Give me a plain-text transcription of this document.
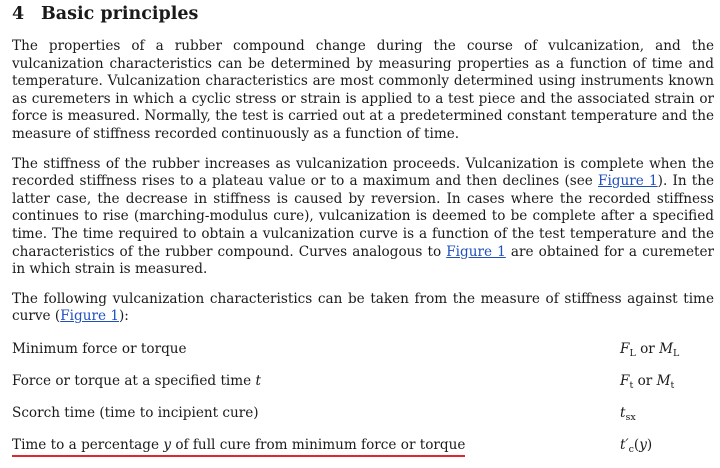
4 Basic principles

The properties of a rubber compound change during the course of vulcanization, and the vulcanization characteristics can be determined by measuring properties as a function of time and temperature. Vulcanization characteristics are most commonly determined using instruments known as curemeters in which a cyclic stress or strain is applied to a test piece and the associated strain or force is measured. Normally, the test is carried out at a predetermined constant temperature and the measure of stiffness recorded continuously as a function of time.

The stiffness of the rubber increases as vulcanization proceeds. Vulcanization is complete when the recorded stiffness rises to a plateau value or to a maximum and then declines (see Figure 1). In the latter case, the decrease in stiffness is caused by reversion. In cases where the recorded stiffness continues to rise (marching-modulus cure), vulcanization is deemed to be complete after a specified time. The time required to obtain a vulcanization curve is a function of the test temperature and the characteristics of the rubber compound. Curves analogous to Figure 1 are obtained for a curemeter in which strain is measured.

The following vulcanization characteristics can be taken from the measure of stiffness against time curve (Figure 1):

Minimum force or torque	$F_L$ or $M_L$
Force or torque at a specified time t	$F_t$ or $M_t$
Scorch time (time to incipient cure)	$t_{sx}$
Time to a percentage y of full cure from minimum force or torque	$t'_c(y)$
